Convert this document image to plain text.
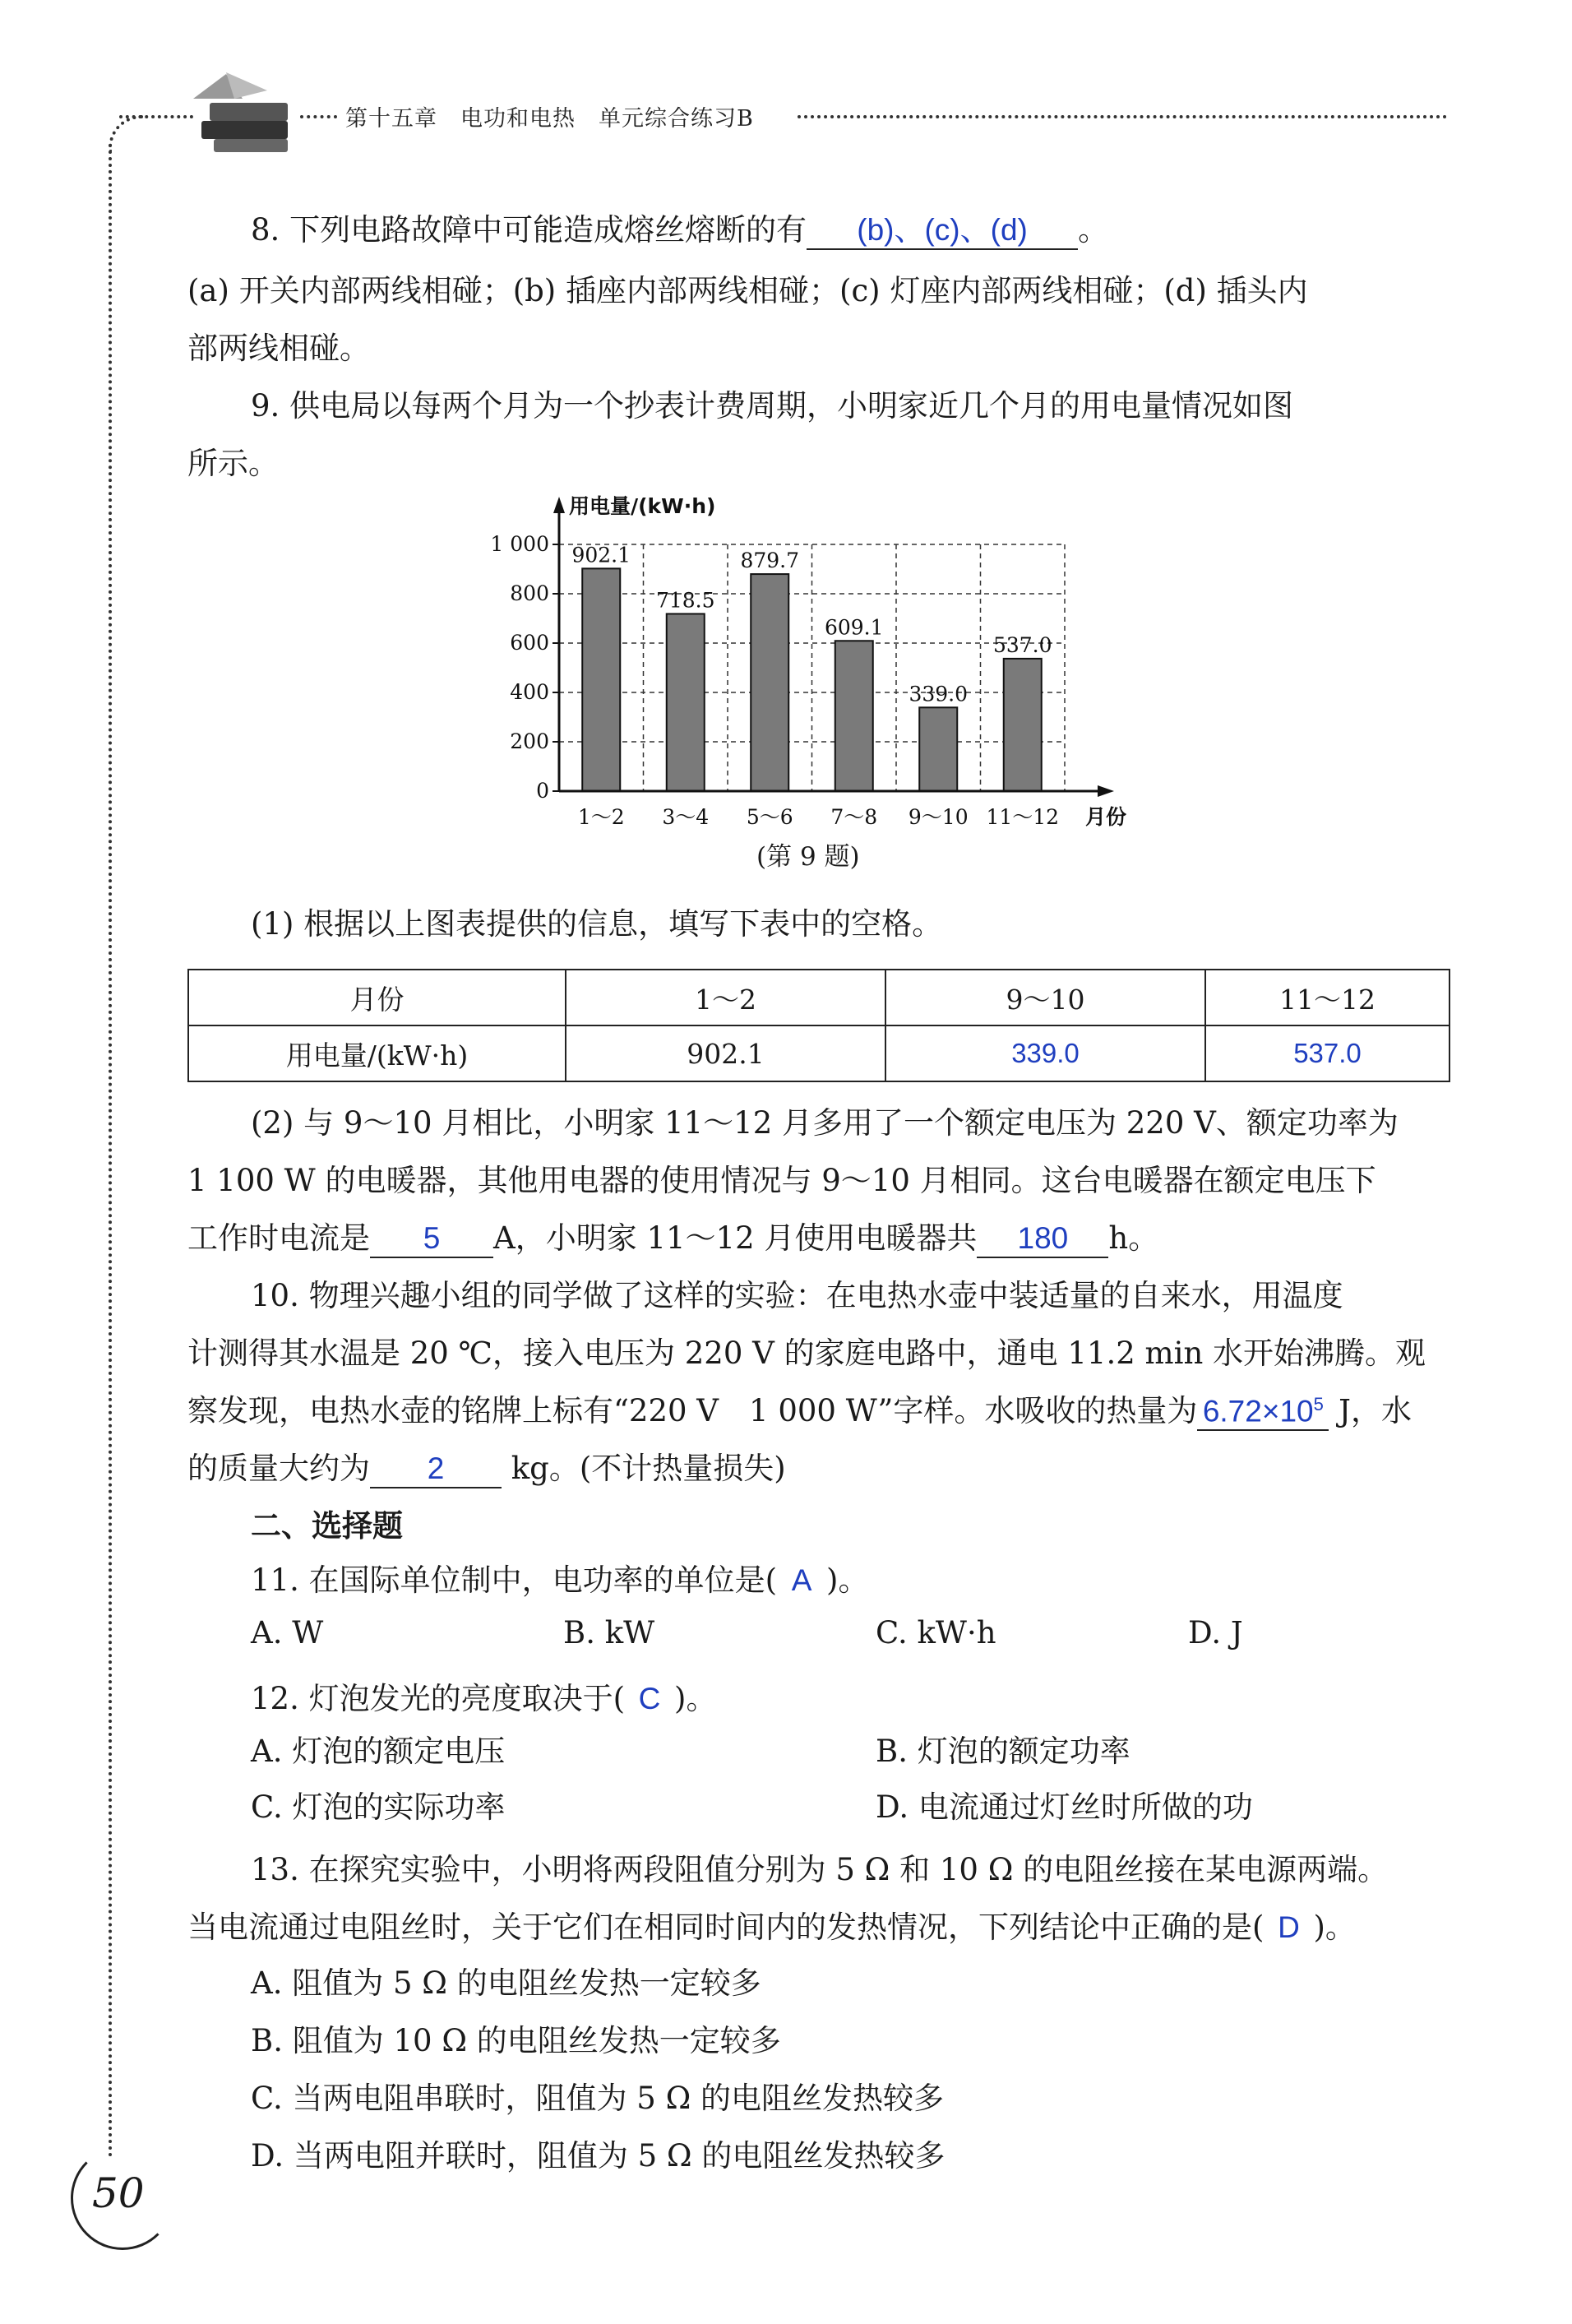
第十五章　电功和电热　单元综合练习B
8. 下列电路故障中可能造成熔丝熔断的有 (b)、(c)、(d) 。
(a) 开关内部两线相碰；(b) 插座内部两线相碰；(c) 灯座内部两线相碰；(d) 插头内
部两线相碰。
9. 供电局以每两个月为一个抄表计费周期，小明家近几个月的用电量情况如图
所示。
0
200
400
600
800
1 000 902.1
1～2
718.5
3～4
879.7
5～6
609.1
7～8
339.0
9～10
537.0
11～12
用电量/(kW·h)
月份
(第 9 题)
(1) 根据以上图表提供的信息，填写下表中的空格。
月份	1～2	9～10	11～12
用电量/(kW·h)	902.1	339.0	537.0
(2) 与 9～10 月相比，小明家 11～12 月多用了一个额定电压为 220 V、额定功率为
1 100 W 的电暖器，其他用电器的使用情况与 9～10 月相同。这台电暖器在额定电压下
工作时电流是 5 A，小明家 11～12 月使用电暖器共 180 h。
10. 物理兴趣小组的同学做了这样的实验：在电热水壶中装适量的自来水，用温度
计测得其水温是 20 ℃，接入电压为 220 V 的家庭电路中，通电 11.2 min 水开始沸腾。观
察发现，电热水壶的铭牌上标有“220 V　1 000 W”字样。水吸收的热量为 $6.72\times 10^5$ J，水
的质量大约为 2 kg。(不计热量损失)
二、选择题
11. 在国际单位制中，电功率的单位是( A )。
A. W	B. kW	C. kW·h	D. J
12. 灯泡发光的亮度取决于( C )。
A. 灯泡的额定电压	B. 灯泡的额定功率
C. 灯泡的实际功率	D. 电流通过灯丝时所做的功
13. 在探究实验中，小明将两段阻值分别为 5 Ω 和 10 Ω 的电阻丝接在某电源两端。
当电流通过电阻丝时，关于它们在相同时间内的发热情况，下列结论中正确的是( D )。
A. 阻值为 5 Ω 的电阻丝发热一定较多
B. 阻值为 10 Ω 的电阻丝发热一定较多
C. 当两电阻串联时，阻值为 5 Ω 的电阻丝发热较多
D. 当两电阻并联时，阻值为 5 Ω 的电阻丝发热较多
50
